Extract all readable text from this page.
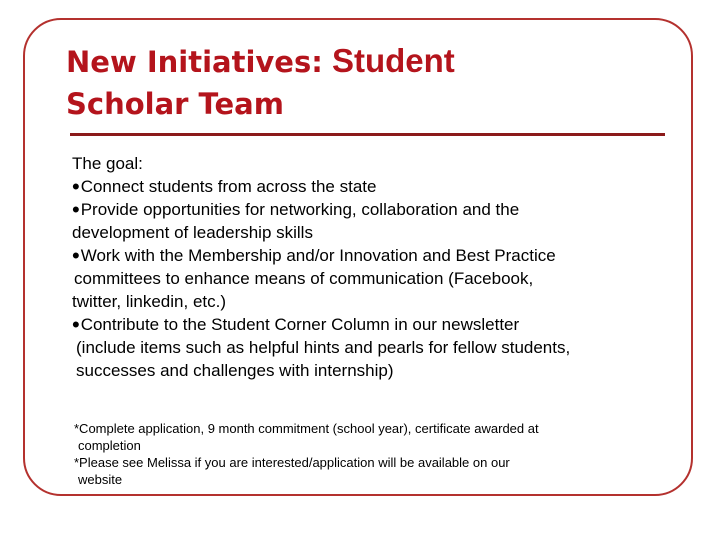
New Initiatives: Student
Scholar Team

The goal:

•Connect students from across the state

•Provide opportunities for networking, collaboration and the

development of leadership skills

•Work with the Membership and/or Innovation and Best Practice

committees to enhance means of communication (Facebook,

twitter, linkedin, etc.)

•Contribute to the Student Corner Column in our newsletter

(include items such as helpful hints and pearls for fellow students,

successes and challenges with internship)

*Complete application, 9 month commitment (school year), certificate awarded at

completion

*Please see Melissa if you are interested/application will be available on our

website
